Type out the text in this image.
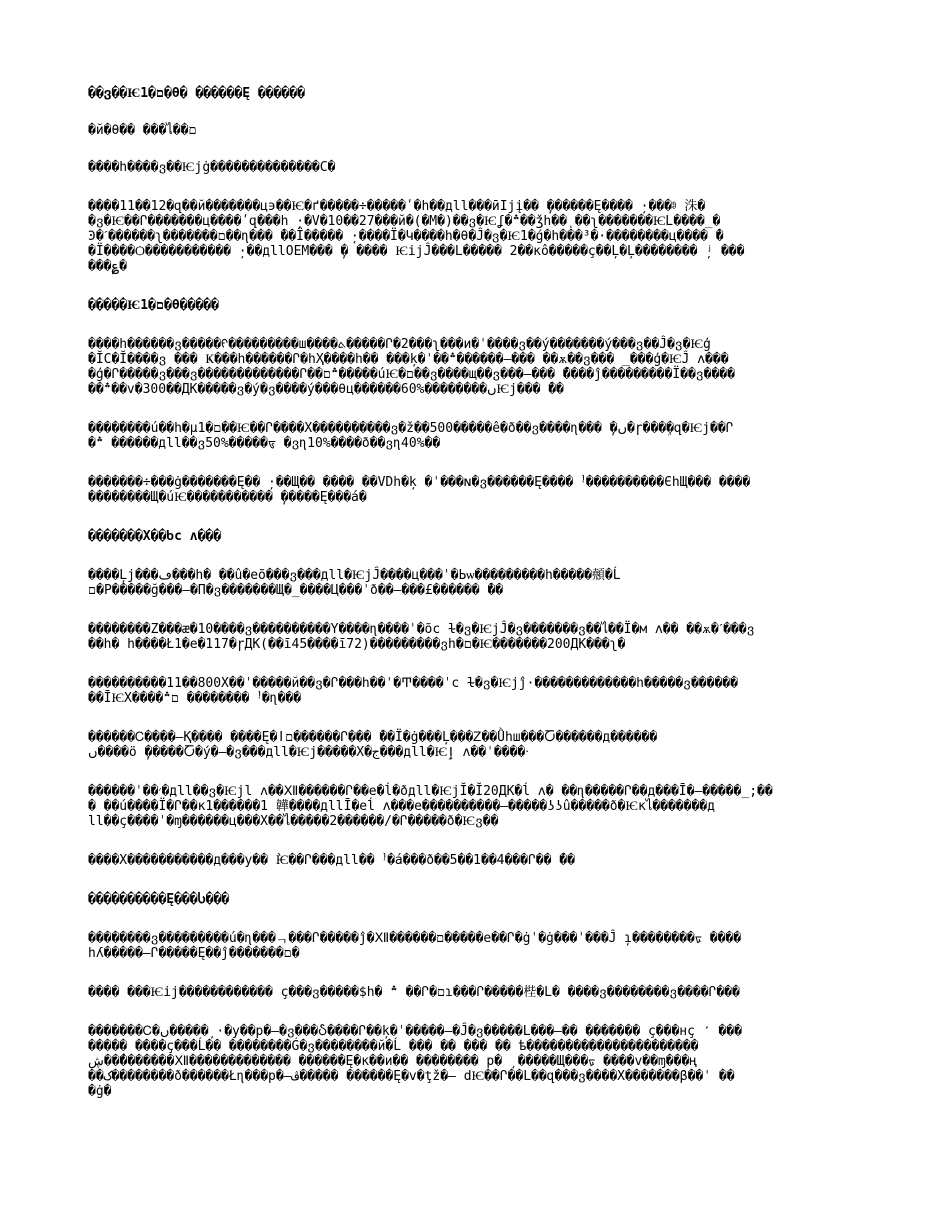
��ვ��Ѥ1�ם�θ� ������Ę ������

�й�θ�� ���ไ��ם

����h����ვ��Ѥjġ��������������C�

����11��12�զ��й�������ц϶��Ѥ�ґ�����÷�����ʹ�h��дll���ӣӀjį�� ̦������Ę���� ̦·���ⱁ 洙�
�ვ�Ѥ��Ր�������ц����ʹզ���h ̦·�V�10��27���й�(�M�)��ვ�Ѥʆ�؞��ǯh��ͺ��ʅ�������ѤԼ����_�
Ͽ�ˊ������ʅ�������ם��ɳ��� ̀��Ï����� ̦·����Ï�Կ����h�θ�Ĵ�ვ�Ѥ1�ǵ�h���³�·��������ц���� ̀�
�Ï����Ѻ����������� ̦·��дllOEM��� ̦� ���� ѤijĴ���L����� 2��кô�����ç��Ļ�Ļ�������� ̦ʲ ���
���؏�

�����Ѥ1�ם�θ�����

����h������ვ�����ᠻ���������ш����ܬ�����Ր�2���ʅ���и�ˈ����ვ��ý�������ý���ვ��Ĵ�ვ�Ѥģ
�ĬC�Ĭ����ვ ��� Ҝ���h������Ր�hҲ����h�� ���ķ�ˈ��؞������–��� ��ѫ��ვ��� _���ģ�ѤĴ ʌ���
�ģ�Ր�����ვ���ვ�������������Ր��؞ם�����úѤ�ם��ვ����щ��ვ���–��� ̈́����ĵ���������Ï��ვ����
��؞��v�300��ДК�����ვ�ý�ვ����ý���θц������60%��������ںѤj��� ̀��

��������ú��h�μ1�ם��Ѥ��Ր����Х����������ვ�ž��500�����ê�ð��ვ����ɳ��� ̦�ں�ɼ���ܹ�զ�Ѥj��Ր
�؞ ������дll��ვ50%�����ᢎ �ვɳ10%����ð��ვɳ40%��

�������÷���ġ�������Ę�� ̦·��Щ�� ���� ��VDh�ķ �ˈ���ɴ�ვ������Ę����ᆝ����������ЄhЩ��� ����
��������Щ�úѤ����������� ̦�����Ę���á�

�������Х��ხc ʌ���

����Ļj���ڡ���h� ��û�eõ���ვ���дll�ѤjĴ����ц���ˈ�Ьѡ���������h�����顤�Ĺ
ם�P�����ğ���–�П�ვ�������Щ�_����Ц���ˈð��–���£������ ̀��

��������Z���æ�10����ვ����������Y����ɳ����ˈ�õc ɫ�ვ�ѤjĴ�ვ�������ვ��ไ��Ï�м ʌ�� ��ѫ�ˊ���ვ
��h� h����Ł1�e�117�ɼДК(��ī45����ī72)���������ვh�ם�Ѥ�������200ДК���ʅ�

����������11��800Х��ˈ�����й��ვ�Ր���h��ˈ�Ͳ����ˈc ɫ�ვ�Ѥjĵ·�������������h�����ვ������
��ĪѤХ����ם؞ ��������ᆝ�ɳ���

������Ꮯ����–Қ���� ����Ę�ǀם������Ր��� ̀��Ï�ġ���Ļ���Ꮓ��Ǜhш���Ⴀ������д������
ں����ö ̦�����Ⴀ�ý�–�ვ���дll�Ѥj�����Х�ج���дll�Ѥٳ ʌ��ˈ����ᐧ

������ˈ��׳�дll��ვ�Ѥjl ʌ��Ⅻ������Ր��e�ĺ�ðдll�ѤjĬ�Ĭ20ДК�ĺ ʌ� ��ɳ�����Ր��д���Ī�–�����_;��
� ��ú����Ï�Ր��к1������1 韡����дllĪ�eĺ ʌ���e����������–�����ʖʖû�����ð�Ѥкไ�������д
ll��ç����ˈ�ɱ������ц���Х��ไ�����2������/�Ր�����ð�Ѥვ��

����Х�����������д���у�� ̀Ѥ��Ր���дll��ᆝ�á���ð��5��1��4���Ր�� ́��

����������Ę���Ⴑ���

��������ვ���������ú�ɳ���ᆨ���Ր�����ĵ�Ⅻ������ם�����e��Ր�ġˈ�ġ���ˈ���Ĵ ̦ɿ��������ᢑ ����
hʎ�����–Ր�����Ę��ĵ�������ם�

���� ���Ѥij������������ ç���ვ�����$h� ؞ ��Ր�םɿ���Ր�����梐�L� ����ვ��������ვ����Ր���

�������Ꮯ�ں����� ̦·�у��р�–�ვ���Ⴢ����Ր��ķ�ˈ�����–�Ĵ�ვ�����L���–�� ������� ç���нç ̒ ���
����� ����ç���Ĺ�� ��������Ǵ�ვ��������й�Ĺ ��� �� ��� �� ѣ����������������������
ڜ���ُ������Ⅻ������������� ������Ę�к��и�� �������� р� ̦ �����Щ���ᢑ ����v��ɱ���ң
��ک��������ð������Łɳ���р�–ڤ����� ������Ę�v�ţž�– dѤ��Ր��L��զ���ვ����Х�������β��ˈ ��
�ġ�
